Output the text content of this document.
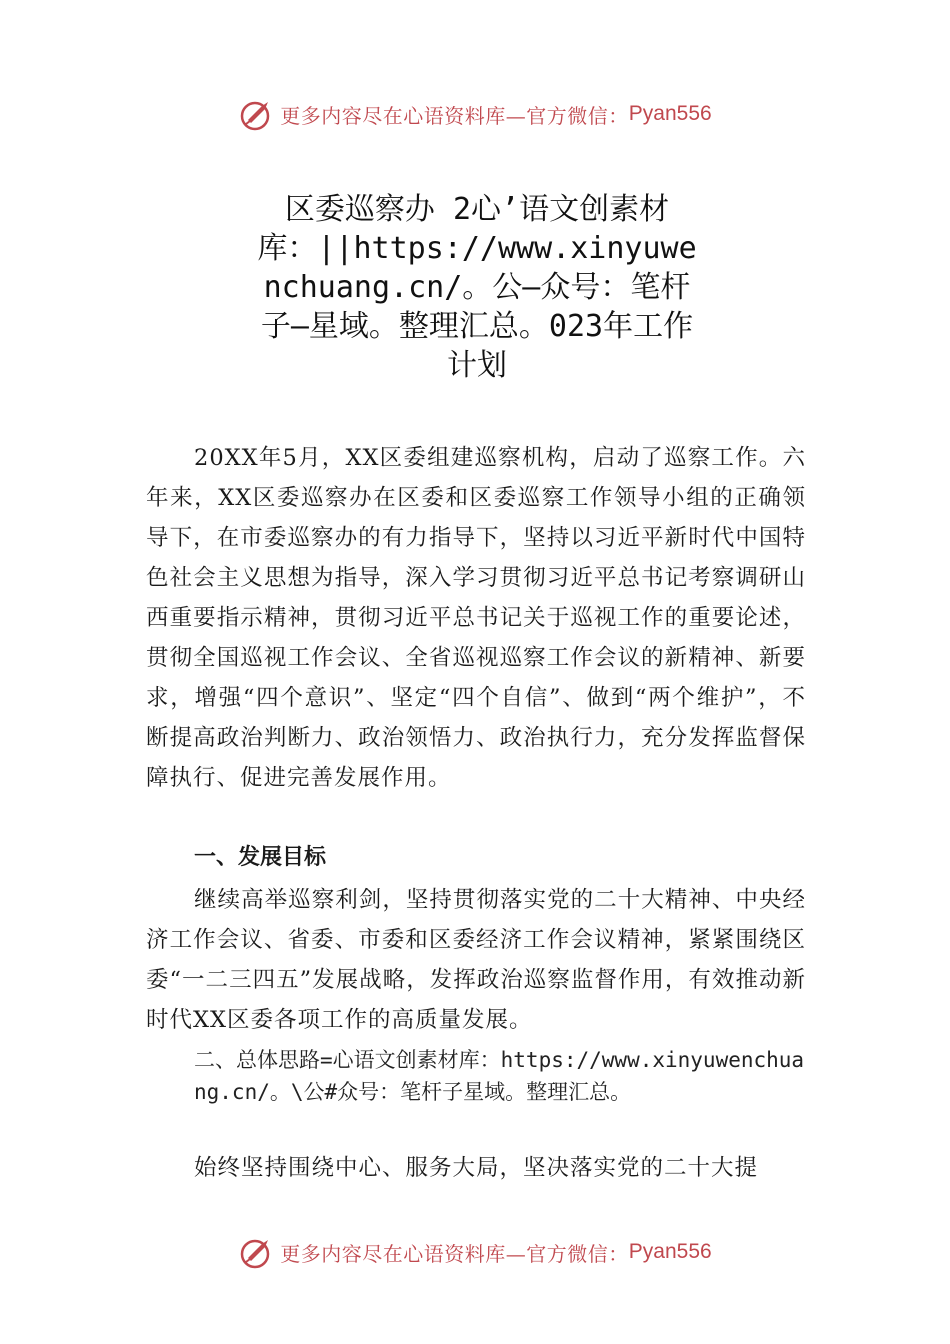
更多内容尽在心语资料库— 官方微信： Pyan556
区委巡察办 2心’语文创素材库：||https://www.xinyuwenchuang.cn/。公—众号：笔杆子—星域。整理汇总。023年工作计划

20XX年5月，XX区委组建巡察机构，启动了巡察工作。六年来，XX区委巡察办在区委和区委巡察工作领导小组的正确领导下，在市委巡察办的有力指导下，坚持以习近平新时代中国特色社会主义思想为指导，深入学习贯彻习近平总书记考察调研山西重要指示精神，贯彻习近平总书记关于巡视工作的重要论述，贯彻全国巡视工作会议、全省巡视巡察工作会议的新精神、新要求，增强“四个意识”、坚定“四个自信”、做到“两个维护”，不断提高政治判断力、政治领悟力、政治执行力，充分发挥监督保障执行、促进完善发展作用。

一、发展目标

继续高举巡察利剑，坚持贯彻落实党的二十大精神、中央经济工作会议、省委、市委和区委经济工作会议精神，紧紧围绕区委“一二三四五”发展战略，发挥政治巡察监督作用，有效推动新时代XX区委各项工作的高质量发展。

二、总体思路=心语文创素材库：https://www.xinyuwenchuang.cn/。\公#众号：笔杆子星域。整理汇总。

始终坚持围绕中心、服务大局，坚决落实党的二十大提

更多内容尽在心语资料库— 官方微信： Pyan556
